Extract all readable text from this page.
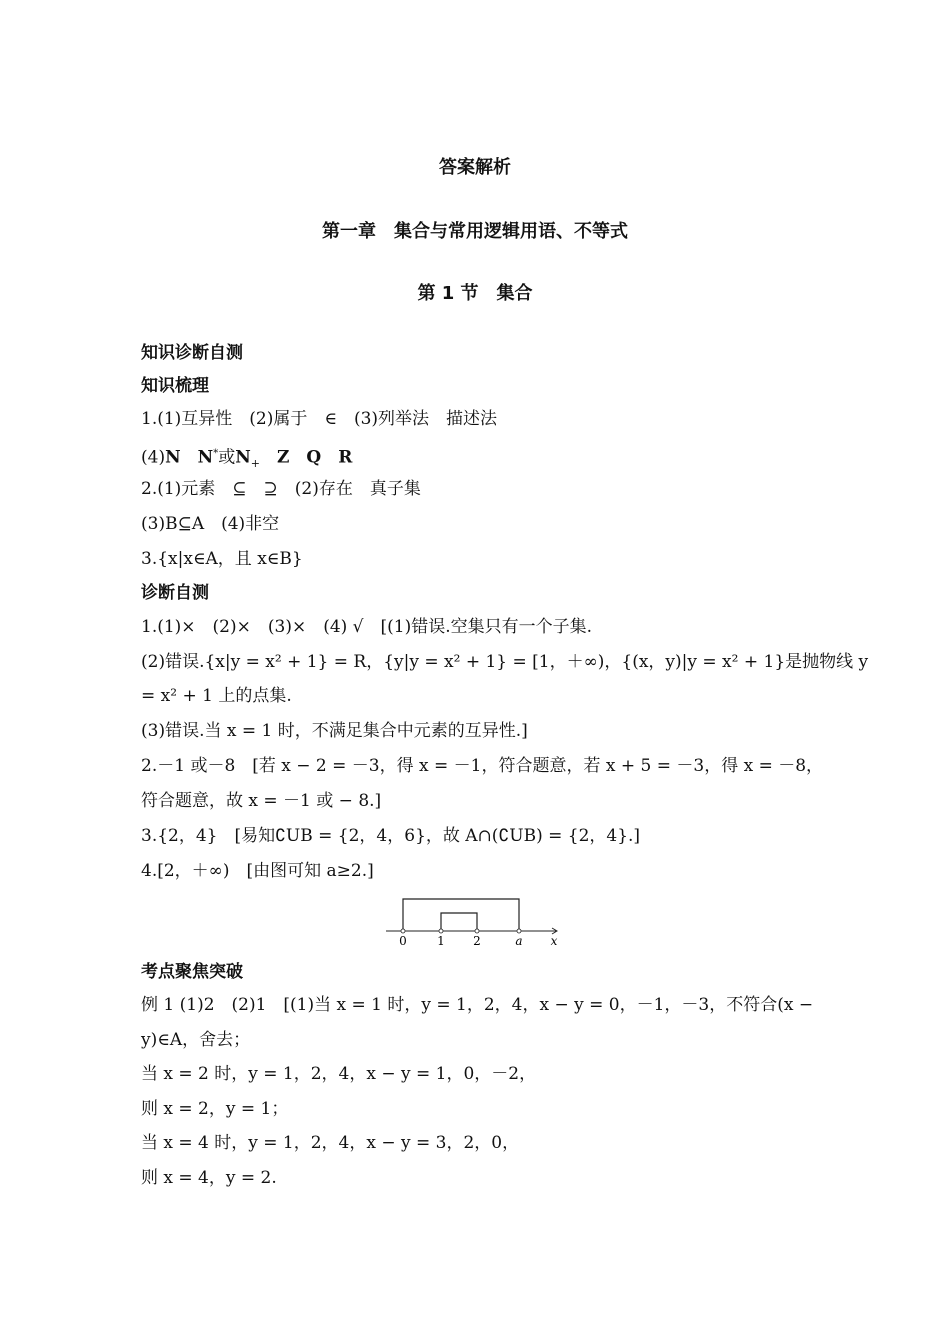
答案解析
第一章　集合与常用逻辑用语、不等式
第 1 节　集合
知识诊断自测
知识梳理
1.(1)互异性　(2)属于　∈　(3)列举法　描述法
(4)N　 N*或$N_+$　 Z　 Q　 R
2.(1)元素　⊆　⊇　(2)存在　真子集
(3)B⊆A　(4)非空
3.{x|x∈A，且 x∈B}
诊断自测
1.(1)×　(2)×　(3)×　(4) √　[(1)错误.空集只有一个子集.
(2)错误.{x|y = x² + 1} = R，{y|y = x² + 1} = [1，＋∞)，{(x，y)|y = x² + 1}是抛物线 y
= x² + 1 上的点集.
(3)错误.当 x = 1 时，不满足集合中元素的互异性.]
2.－1 或－8　[若 x − 2 = －3，得 x = －1，符合题意，若 x + 5 = －3，得 x = －8，
符合题意，故 x = －1 或 − 8.]
3.{2，4}　[易知∁UB = {2，4，6}，故 A∩(∁UB) = {2，4}.]
4.[2，＋∞)　[由图可知 a≥2.]
0	1 2	a x
考点聚焦突破
例 1 (1)2　(2)1　[(1)当 x = 1 时，y = 1，2，4，x − y = 0，－1，－3，不符合(x −
y)∈A，舍去；
当 x = 2 时，y = 1，2，4，x − y = 1，0，－2，
则 x = 2，y = 1；
当 x = 4 时，y = 1，2，4，x − y = 3，2，0，
则 x = 4，y = 2.
